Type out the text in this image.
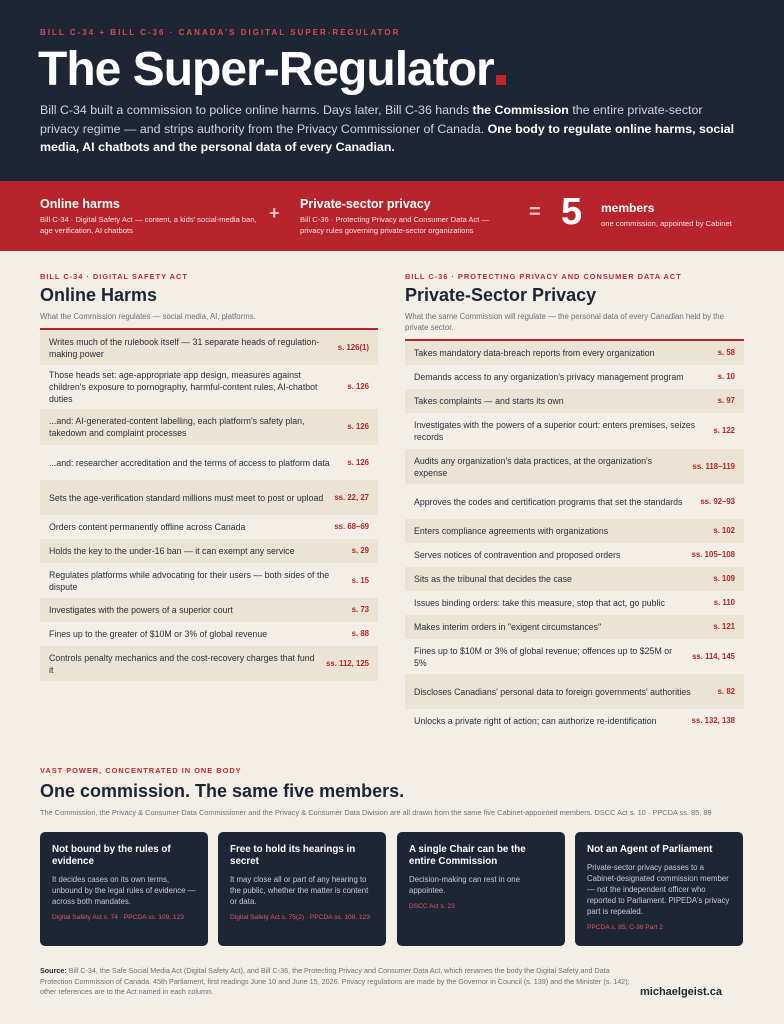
BILL C-34 + BILL C-36 · CANADA'S DIGITAL SUPER-REGULATOR
The Super-Regulator
Bill C-34 built a commission to police online harms. Days later, Bill C-36 hands the Commission the entire private-sector privacy regime — and strips authority from the Privacy Commissioner of Canada. One body to regulate online harms, social media, AI chatbots and the personal data of every Canadian.
Online harms
Bill C-34 · Digital Safety Act — content, a kids' social-media ban, age verification, AI chatbots
+ Private-sector privacy
Bill C-36 · Protecting Privacy and Consumer Data Act — privacy rules governing private-sector organizations
= 5 members
one commission, appointed by Cabinet
BILL C-34 · DIGITAL SAFETY ACT
Online Harms
What the Commission regulates — social media, AI, platforms.
Writes much of the rulebook itself — 31 separate heads of regulation-making power
s. 126(1)
Those heads set: age-appropriate app design, measures against children's exposure to pornography, harmful-content rules, AI-chatbot duties
s. 126
...and: AI-generated-content labelling, each platform's safety plan, takedown and complaint processes
s. 126
...and: researcher accreditation and the terms of access to platform data	s. 126
Sets the age-verification standard millions must meet to post or upload	ss. 22, 27
Orders content permanently offline across Canada	ss. 68–69
Holds the key to the under-16 ban — it can exempt any service	s. 29
Regulates platforms while advocating for their users — both sides of the dispute
s. 15
Investigates with the powers of a superior court	s. 73
Fines up to the greater of $10M or 3% of global revenue	s. 88
Controls penalty mechanics and the cost-recovery charges that fund it
ss. 112, 125
BILL C-36 · PROTECTING PRIVACY AND CONSUMER DATA ACT
Private-Sector Privacy
What the same Commission will regulate — the personal data of every Canadian held by the private sector.
Takes mandatory data-breach reports from every organization	s. 58
Demands access to any organization's privacy management program	s. 10
Takes complaints — and starts its own	s. 97
Investigates with the powers of a superior court: enters premises, seizes records
s. 122
Audits any organization's data practices, at the organization's expense
ss. 118–119
Approves the codes and certification programs that set the standards	ss. 92–93
Enters compliance agreements with organizations	s. 102
Serves notices of contravention and proposed orders	ss. 105–108
Sits as the tribunal that decides the case	s. 109
Issues binding orders: take this measure, stop that act, go public	s. 110
Makes interim orders in "exigent circumstances"	s. 121
Fines up to $10M or 3% of global revenue; offences up to $25M or 5%
ss. 114, 145
Discloses Canadians' personal data to foreign governments' authorities	s. 82
Unlocks a private right of action; can authorize re-identification	ss. 132, 138
VAST POWER, CONCENTRATED IN ONE BODY
One commission. The same five members.
The Commission, the Privacy & Consumer Data Commissioner and the Privacy & Consumer Data Division are all drawn from the same five Cabinet-appointed members. DSCC Act s. 10 · PPCDA ss. 85, 89
Not bound by the rules of evidence
It decides cases on its own terms, unbound by the legal rules of evidence — across both mandates.
Digital Safety Act s. 74 · PPCDA ss. 109, 123
Free to hold its hearings in secret
It may close all or part of any hearing to the public, whether the matter is content or data.
Digital Safety Act s. 75(2) · PPCDA ss. 109, 123
A single Chair can be the entire Commission
Decision-making can rest in one appointee.
DSCC Act s. 23
Not an Agent of Parliament
Private-sector privacy passes to a Cabinet-designated commission member — not the independent officer who reported to Parliament. PIPEDA's privacy part is repealed.
PPCDA s. 85; C-36 Part 2
Source: Bill C-34, the Safe Social Media Act (Digital Safety Act), and Bill C-36, the Protecting Privacy and Consumer Data Act, which renames the body the Digital Safety and Data Protection Commission of Canada. 45th Parliament, first readings June 10 and June 15, 2026. Privacy regulations are made by the Governor in Council (s. 139) and the Minister (s. 142); other references are to the Act named in each column.	michaelgeist.ca
